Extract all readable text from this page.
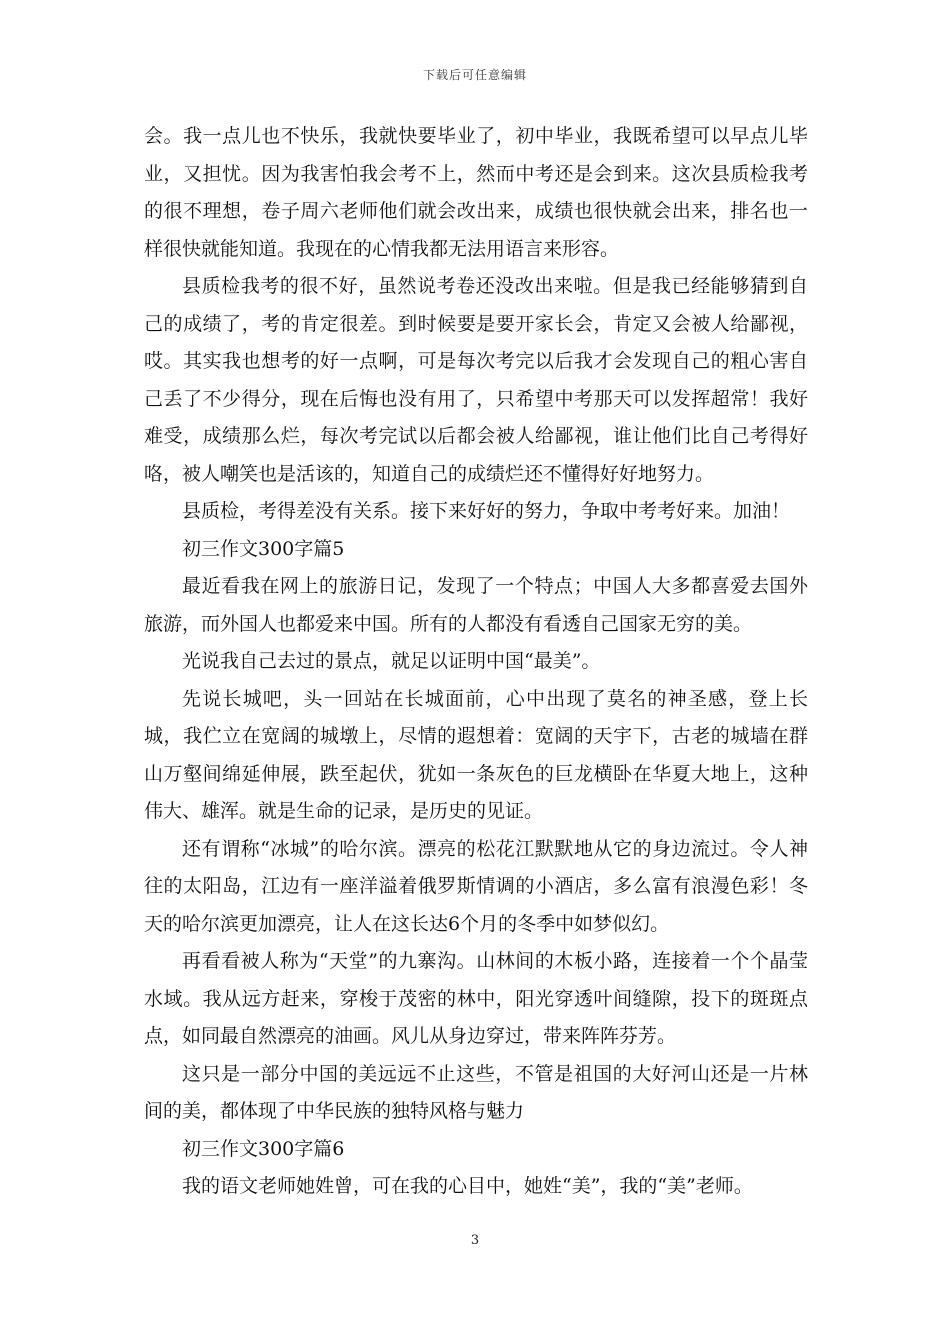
下载后可任意编辑

会。我一点儿也不快乐，我就快要毕业了，初中毕业，我既希望可以早点儿毕业，又担忧。因为我害怕我会考不上，然而中考还是会到来。这次县质检我考的很不理想，卷子周六老师他们就会改出来，成绩也很快就会出来，排名也一样很快就能知道。我现在的心情我都无法用语言来形容。

县质检我考的很不好，虽然说考卷还没改出来啦。但是我已经能够猜到自己的成绩了，考的肯定很差。到时候要是要开家长会，肯定又会被人给鄙视，哎。其实我也想考的好一点啊，可是每次考完以后我才会发现自己的粗心害自己丢了不少得分，现在后悔也没有用了，只希望中考那天可以发挥超常！我好难受，成绩那么烂，每次考完试以后都会被人给鄙视，谁让他们比自己考得好咯，被人嘲笑也是活该的，知道自己的成绩烂还不懂得好好地努力。

县质检，考得差没有关系。接下来好好的努力，争取中考考好来。加油！

初三作文300字篇5

最近看我在网上的旅游日记，发现了一个特点；中国人大多都喜爱去国外旅游，而外国人也都爱来中国。所有的人都没有看透自己国家无穷的美。

光说我自己去过的景点，就足以证明中国“最美”。

先说长城吧，头一回站在长城面前，心中出现了莫名的神圣感，登上长城，我伫立在宽阔的城墩上，尽情的遐想着：宽阔的天宇下，古老的城墙在群山万壑间绵延伸展，跌至起伏，犹如一条灰色的巨龙横卧在华夏大地上，这种伟大、雄浑。就是生命的记录，是历史的见证。

还有谓称“冰城”的哈尔滨。漂亮的松花江默默地从它的身边流过。令人神往的太阳岛，江边有一座洋溢着俄罗斯情调的小酒店，多么富有浪漫色彩！冬天的哈尔滨更加漂亮，让人在这长达6个月的冬季中如梦似幻。

再看看被人称为“天堂”的九寨沟。山林间的木板小路，连接着一个个晶莹水域。我从远方赶来，穿梭于茂密的林中，阳光穿透叶间缝隙，投下的斑斑点点，如同最自然漂亮的油画。风儿从身边穿过，带来阵阵芬芳。

这只是一部分中国的美远远不止这些，不管是祖国的大好河山还是一片林间的美，都体现了中华民族的独特风格与魅力

初三作文300字篇6

我的语文老师她姓曾，可在我的心目中，她姓“美”，我的“美”老师。

3
